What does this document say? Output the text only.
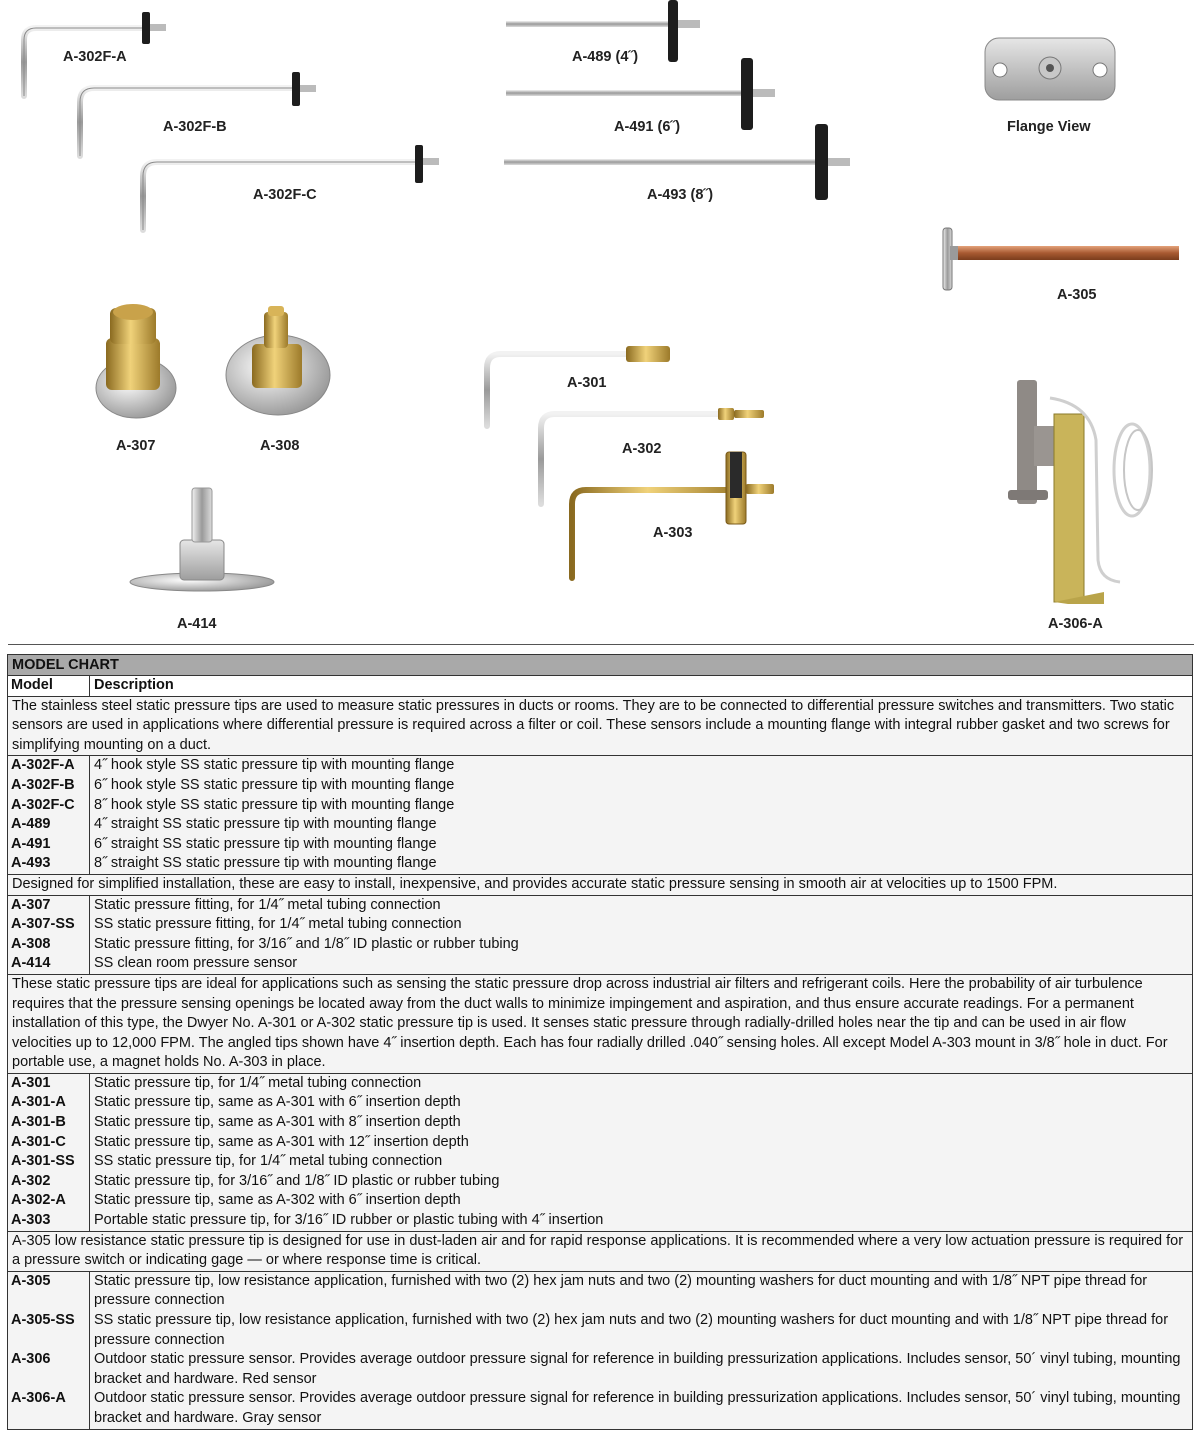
A-302F-A
A-302F-B
A-302F-C
A-489 (4˝)
A-491 (6˝)
A-493 (8˝)
Flange View
A-305
A-307	A-308
A-301
A-302
A-303
A-414	A-306-A
MODEL CHART
Model	Description
The stainless steel static pressure tips are used to measure static pressures in ducts or rooms. They are to be connected to differential pressure switches and transmitters. Two static sensors are used in applications where differential pressure is required across a filter or coil. These sensors include a mounting flange with integral rubber gasket and two screws for simplifying mounting on a duct.
A-302F-A	4˝ hook style SS static pressure tip with mounting flange
A-302F-B	6˝ hook style SS static pressure tip with mounting flange
A-302F-C	8˝ hook style SS static pressure tip with mounting flange
A-489	4˝ straight SS static pressure tip with mounting flange
A-491	6˝ straight SS static pressure tip with mounting flange
A-493	8˝ straight SS static pressure tip with mounting flange
Designed for simplified installation, these are easy to install, inexpensive, and provides accurate static pressure sensing in smooth air at velocities up to 1500 FPM.
A-307	Static pressure fitting, for 1/4˝ metal tubing connection
A-307-SS	SS static pressure fitting, for 1/4˝ metal tubing connection
A-308	Static pressure fitting, for 3/16˝ and 1/8˝ ID plastic or rubber tubing
A-414	SS clean room pressure sensor
These static pressure tips are ideal for applications such as sensing the static pressure drop across industrial air filters and refrigerant coils. Here the probability of air turbulence requires that the pressure sensing openings be located away from the duct walls to minimize impingement and aspiration, and thus ensure accurate readings. For a permanent installation of this type, the Dwyer No. A-301 or A-302 static pressure tip is used. It senses static pressure through radially-drilled holes near the tip and can be used in air flow velocities up to 12,000 FPM. The angled tips shown have 4˝ insertion depth. Each has four radially drilled .040˝ sensing holes. All except Model A-303 mount in 3/8˝ hole in duct. For portable use, a magnet holds No. A-303 in place.
A-301	Static pressure tip, for 1/4˝ metal tubing connection
A-301-A	Static pressure tip, same as A-301 with 6˝ insertion depth
A-301-B	Static pressure tip, same as A-301 with 8˝ insertion depth
A-301-C	Static pressure tip, same as A-301 with 12˝ insertion depth
A-301-SS	SS static pressure tip, for 1/4˝ metal tubing connection
A-302	Static pressure tip, for 3/16˝ and 1/8˝ ID plastic or rubber tubing
A-302-A	Static pressure tip, same as A-302 with 6˝ insertion depth
A-303	Portable static pressure tip, for 3/16˝ ID rubber or plastic tubing with 4˝ insertion
A-305 low resistance static pressure tip is designed for use in dust-laden air and for rapid response applications. It is recommended where a very low actuation pressure is required for a pressure switch or indicating gage — or where response time is critical.
A-305	Static pressure tip, low resistance application, furnished with two (2) hex jam nuts and two (2) mounting washers for duct mounting and with 1/8˝ NPT pipe thread for pressure connection
A-305-SS	SS static pressure tip, low resistance application, furnished with two (2) hex jam nuts and two (2) mounting washers for duct mounting and with 1/8˝ NPT pipe thread for pressure connection
A-306	Outdoor static pressure sensor. Provides average outdoor pressure signal for reference in building pressurization applications. Includes sensor, 50´ vinyl tubing, mounting bracket and hardware. Red sensor
A-306-A	Outdoor static pressure sensor. Provides average outdoor pressure signal for reference in building pressurization applications. Includes sensor, 50´ vinyl tubing, mounting bracket and hardware. Gray sensor
